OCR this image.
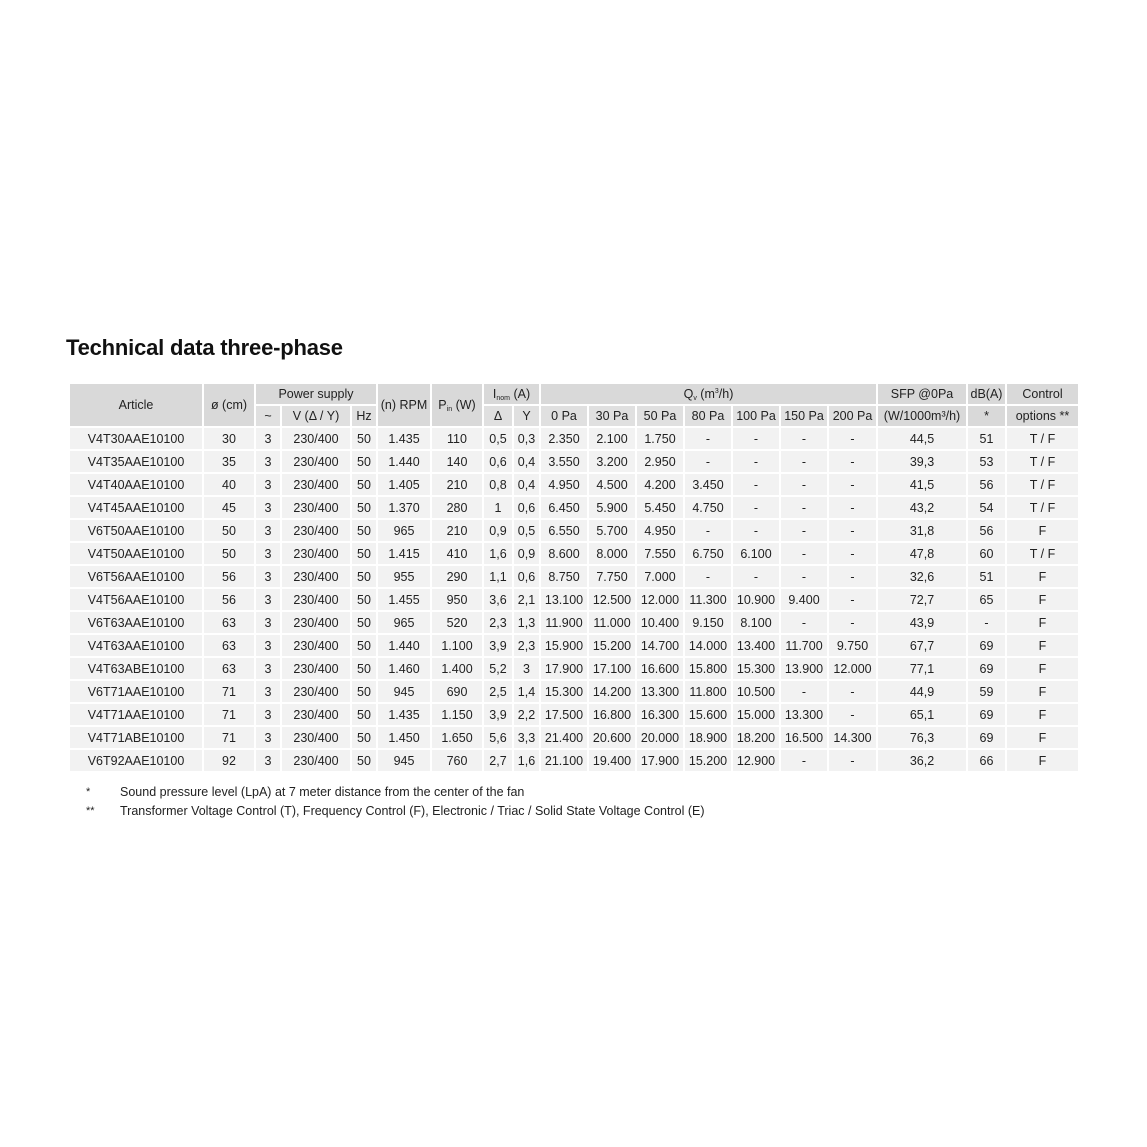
Technical data three-phase
Article	ø (cm)	Power supply			(n) RPM	Pin (W)	Inom (A)		Qv $(m^3/h)$							SFP @0Pa	dB(A)	Control
		~	V (Δ / Y)	Hz			Δ	Y	0 Pa	30 Pa	50 Pa	80 Pa	100 Pa	150 Pa	200 Pa	(W/1000m³/h)	*	options **
V4T30AAE10100	30	3	230/400	50	1.435	110	0,5	0,3	2.350	2.100	1.750	-	-	-	-	44,5	51	T / F
V4T35AAE10100	35	3	230/400	50	1.440	140	0,6	0,4	3.550	3.200	2.950	-	-	-	-	39,3	53	T / F
V4T40AAE10100	40	3	230/400	50	1.405	210	0,8	0,4	4.950	4.500	4.200	3.450	-	-	-	41,5	56	T / F
V4T45AAE10100	45	3	230/400	50	1.370	280	1	0,6	6.450	5.900	5.450	4.750	-	-	-	43,2	54	T / F
V6T50AAE10100	50	3	230/400	50	965	210	0,9	0,5	6.550	5.700	4.950	-	-	-	-	31,8	56	F
V4T50AAE10100	50	3	230/400	50	1.415	410	1,6	0,9	8.600	8.000	7.550	6.750	6.100	-	-	47,8	60	T / F
V6T56AAE10100	56	3	230/400	50	955	290	1,1	0,6	8.750	7.750	7.000	-	-	-	-	32,6	51	F
V4T56AAE10100	56	3	230/400	50	1.455	950	3,6	2,1	13.100	12.500	12.000	11.300	10.900	9.400	-	72,7	65	F
V6T63AAE10100	63	3	230/400	50	965	520	2,3	1,3	11.900	11.000	10.400	9.150	8.100	-	-	43,9	-	F
V4T63AAE10100	63	3	230/400	50	1.440	1.100	3,9	2,3	15.900	15.200	14.700	14.000	13.400	11.700	9.750	67,7	69	F
V4T63ABE10100	63	3	230/400	50	1.460	1.400	5,2	3	17.900	17.100	16.600	15.800	15.300	13.900	12.000	77,1	69	F
V6T71AAE10100	71	3	230/400	50	945	690	2,5	1,4	15.300	14.200	13.300	11.800	10.500	-	-	44,9	59	F
V4T71AAE10100	71	3	230/400	50	1.435	1.150	3,9	2,2	17.500	16.800	16.300	15.600	15.000	13.300	-	65,1	69	F
V4T71ABE10100	71	3	230/400	50	1.450	1.650	5,6	3,3	21.400	20.600	20.000	18.900	18.200	16.500	14.300	76,3	69	F
V6T92AAE10100	92	3	230/400	50	945	760	2,7	1,6	21.100	19.400	17.900	15.200	12.900	-	-	36,2	66	F
*	Sound pressure level (LpA) at 7 meter distance from the center of the fan
**	Transformer Voltage Control (T), Frequency Control (F), Electronic / Triac / Solid State Voltage Control (E)
